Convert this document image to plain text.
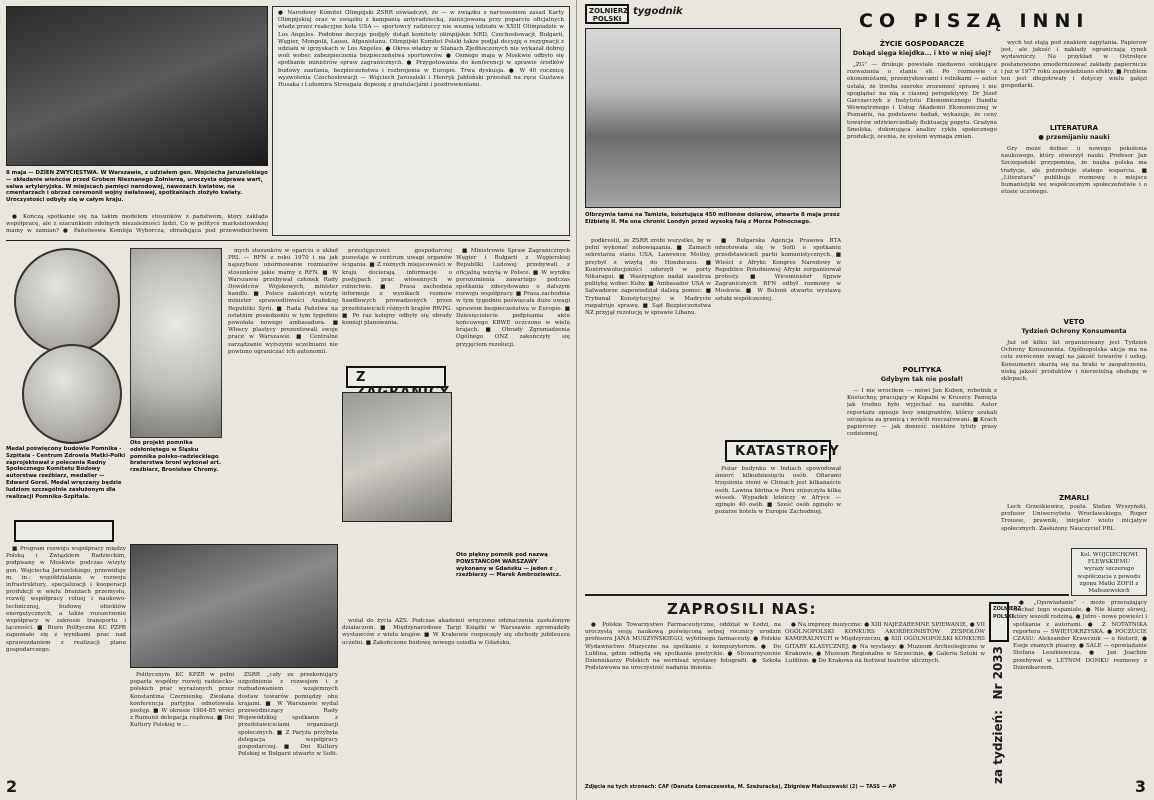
8 maja — DZIEŃ ZWYCIĘSTWA. W Warszawie, z udziałem gen. Wojciecha Jaruzelskiego — składanie wieńców przed Grobem Nieznanego Żołnierza, uroczysta odprawa wart, salwa artyleryjska. W miejscach pamięci narodowej, nawozach kwiatów, na cmentarzach i obrzeż ceremonii wojny światowej, spotkaniach złożyło kwiaty. Uroczystości odbyły się w całym kraju.

● Narodowy Komitet Olimpijski ZSRR oświadczył, że — w związku z naruszeniem zasad Karty Olimpijskiej oraz w związku z kampanią antyradziecką, zainicjowaną przy poparciu oficjalnych władz przez reakcyjne koła USA — sportowcy radzieccy nie wezmą udziału w XXIII Olimpiadzie w Los Angeles. Podobne decyzje podjęły dotąd komitety olimpijskie NRD, Czechosłowacji, Bułgarii, Węgier, Mongolii, Laosu, Afganistanu. Olimpijski Komitet Polski także podjął decyzję o rezygnacji z udziału w igrzyskach w Los Angeles. ● Okres władzy w Stanach Zjednoczonych nie wykazał dobrej woli wobec zabezpieczenia bezpieczeństwa sportowców. ● Osmego maja w Moskwie odbyło się spotkanie ministrów spraw zagranicznych. ● Przygotowania do konferencji w sprawie środków budowy zaufania, bezpieczeństwa i rozbrojenia w Europie. Trwa dyskusja. ● W 40 rocznicę wyzwolenia Czechosłowacji — Wojciech Jaruzelski i Henryk Jabłoński przesłali na ręce Gustawa Husaka i Lubomira Strougala depeszę z gratulacjami i pozdrowieniami.

● Kończą spotkanie się na takim modelem stosunków z państwem, który zakłada współpracę, ale z szacunkiem zdolnych niezależności ludzi. Co w polityce marksistowskiej mamy w zamian? ● Państwowa Komisja Wyborcza, obradująca pod przewodnictwem

Oto projekt pomnika odsłoniętego w Śląsku pomnika polsko-radzieckiego braterstwa broni wykonał art. rzeźbiarz, Bronisław Chromy.
Medal poświęcony budowie Pomnika - Szpitala - Centrum Zdrowia Matki-Polki zaprojektował z polecenia Radny Społecznego Komitetu Budowy autorstwa rzeźbiarz, medalier — Edward Gorol. Medal wręczany będzie ludziom szczególnie zasłużonym dla realizacji Pomnika-Szpitala.

mych stosunków w oparciu o układ PRL — RFN z roku 1970 i na jak najszybsze unormowanie rozmiarów stosunków jakie mamy z RFN. ■ W Warszawie przebywał członek Rady Dowódców Wojskowych, minister handlu. ■ Polsce zakończył wizytę minister sprawiedliwości Arabskiej Republiki Syrii. ■ Rada Państwa na ostatnim posiedzeniu w tym tygodniu powołała nowego ambasadora. ■ Włoscy plastycy prezentowali swoje prace w Warszawie. ■ Centralne zarządzanie wyższymi uczelniami nie powinno ograniczać ich autonomii.

przestępczości gospodarczej pozostaje w centrum uwagi organów ścigania. ■ Z różnych miejscowości w kraju docierają informacje o postępach prac wiosennych w rolnictwie. ■ Prasa zachodnia informuje o wynikach rozmów handlowych prowadzonych przez przedstawicieli różnych krajów RWPG. ■ Po raz kolejny odbyły się obrady komisji planowania.

Z

■ Ministrowie Spraw Zagranicznych Węgier i Bułgarii z Węgierskiej Republiki Ludowej przebywali z oficjalną wizytą w Polsce. ■ W wyniku porozumienia zawartego podczas spotkania zdecydowano o dalszym rozwoju współpracy. ■ Prasa zachodnia w tym tygodniu poświęcała dużo uwagi sprawom bezpieczeństwa w Europie. ■ Dziesięciolecie podpisania aktu końcowego KBWE uczczono w wielu krajach. ■ Obrady Zgromadzenia Ogólnego ONZ zakończyły się przyjęciem rezolucji.

Oto piękny pomnik pod nazwą POWSTAŃCOM WARSZAWY wykonany w Gdańsku — jeden z rzeźbiarzy — Marek Ambroziewicz.

■ Program rozwoju współpracy między Polską i Związkiem Radzieckim, podpisany w Moskwie podczas wizyty gen. Wojciecha Jaruzelskiego, przewiduje m. in.: współdziałanie w rozwoju infrastruktury, specjalizacji i kooperacji produkcji w wielu branżach przemysłu, rozwój współpracy rolnej i naukowo-technicznej, budowę obiektów energetycznych, a także rozszerzenie współpracy w zakresie transportu i łączności. ■ Biuro Polityczne KC PZPR zapoznało się z wynikami prac nad sprawozdaniem z realizacji planu gospodarczego.

Politycznym KC KPZR w pełni poparła wspólny rozwój radziecko-polskich prac wyrażonych przez Konstantina Czernienkę. Zwołana konferencja partyjna odnotowała postęp. ■ W okresie 1984-85 wróci z Rumunii delegacja rządowa. ■ Dni Kultury Polskiej w ...

ZSRR „cały ze przekonujący uzgodnienie z rozwojem i z rozbudowaniem wzajemnych dostaw towarów pomiędzy obu krajami. ■ W Warszawie wydal przewodniczący Rady Wojewódzkiej spotkanie z przedstawicielami organizacji społecznych. ■ Z Paryża przybyła delegacja współpracy gospodarczej. ■ Dni Kultury Polskiej w Bułgarii otwarto w Sofii.

wolał do życia AZS. Podczas akademii wręczono odznaczenia zasłużonym działaczom. ■ Międzynarodowe Targi Książki w Warszawie zgromadziły wystawców z wielu krajów. ■ W Krakowie rozpoczęły się obchody jubileuszu uczelni. ■ Zakończono budowę nowego osiedla w Gdańsku.

2
ZOLNIERZ POLSKI
tygodnik
Olbrzymia tama na Tamizie, kosztująca 450 milionów dolarów, otwarta 8 maja przez Elżbietę II. Ma ona chronić Londyn przed wysoką falą z Morza Północnego.

podkreślił, że ZSRR zrobi wszystko, by w pełni wykonać zobowiązania. ■ Zamach sekretarza stanu USA, Lawrence Motley, przybył z wizytą do Hondurasu. ■ Kontrrewolucjoniści uderzyli w porty Nikaragui. ■ Waszyngton nadal zaostrza politykę wobec Kuby. ■ Ambasador USA w Salwadorze zapowiedział dalszą pomoc. ■ Trybunał Konstytucyjny w Madrycie rozpatruje sprawę. ■ Sąd Bezpieczeństwa NZ przyjął rezolucję w sprawie Libanu.

■ Bułgarska Agencja Prasowa BTA odnotowała się w Sofii o spotkaniu przedstawicieli partii komunistycznych. ■ Wieści z Afryki: Kongres Narodowy w Republice Południowej Afryki zorganizował protesty. ■ Wiceminister Spraw Zagranicznych RFN odbył rozmowy w Moskwie. ■ W Bolonii otwarto wystawę sztuki współczesnej.

KATASTROFY

Pożar budynku w Indiach spowodował śmierć kilkudziesięciu osób. Ofiarami trzęsienia ziemi w Chinach jest kilkanaście osób. Lawina błotna w Peru zniszczyła kilka wiosek. Wypadek lotniczy w Afryce — zginęło 40 osób. ■ Sześć osób zginęło w pożarze hotelu w Europie Zachodniej.

CO PISZĄ INNI
ŻYCIE GOSPODARCZE
Dokąd sięga kiejdka... i kto w niej siej?

„ŻG” — drukuje powstałe niedawno szokujące rozważania o stanie sił. Po rozmowie z ekonomistami, przemysłowcami i rolnikami — autor ustala, że trzeba szeroko zrozumieć sprawę i nie spoglądać na nią z ciasnej perspektywy. Dr Józef Garczarczyk z Instytutu Ekonomicznego Handlu Wewnętrznego i Usług Akademii Ekonomicznej w Poznaniu, na podstawie badań, wykazuje, że ceny towarów odzwierciedlały fluktuację popytu. Grażyna Smolska, dokonująca analizy cyklu społecznego produkcji, ocenia, że system wymaga zmian.

POLITYKA
Gdybym tak nie posłał!

— I nie wróciłem — mówi Jan Kuboń, robotnik z Kostuchny, pracujący w Kopalni w Kruszcy. Pamięta jak trudno było wyjechać na zarobki. Autor reportażu opisuje losy emigrantów, którzy szukali szczęścia za granicą i wrócili rozczarowani. ■ Krach papierowy — jak donieść niektóre tytuły prasy codziennej.

wych też stają pod znakiem zapytania. Papierow jest, ale jakość i nakłady ograniczają rynek wydawniczy. Na przykład w Ostrołęce postanowiono zmodernizować zakłady papiernicze i już w 1977 roku zapowiedziano efekty. ■ Problem ten jest długotrwały i dotyczy wielu gałęzi gospodarki.

LITERATURA
● przemijaniu nauki

Gry może dobiec u nowego pokolenia naukowego, który otworzył nauki. Profesor Jan Szczepański przypomina, że nauka polska ma tradycje, ale potrzebuje stałego wsparcia. ■ „Literatura” publikuje rozmowę o miejscu humanistyki we współczesnym społeczeństwie i o etosie uczonego.

VETO
Tydzień Ochrony Konsumenta

Już od kilku lat organizowany jest Tydzień Ochrony Konsumenta. Ogólnopolska akcja ma na celu zwrócenie uwagi na jakość towarów i usług. Konsumenci skarżą się na braki w zaopatrzeniu, niską jakość produktów i nierzetelną obsługę w sklepach.

ZMARLI

Lech Grześkiewicz, poeta. Stefan Wyszyński, profesor Uniwersytetu Wrocławskiego. Roger Trousse, prawnik, inicjator wielu inicjatyw społecznych. Zasłużony Nauczyciel PRL.

Kol. WOJCIECHOWI FLEWSKIEMU wyrazy szczerego współczucia z powodu zgonu Matki ZOFII z Maliszewskich

ZAPROSILI NAS:

● Polskie Towarzystwo Farmaceutyczne, oddział w Łodzi, na uroczystą sesję naukową poświęconą setnej rocznicy urodzin profesora JANA MUSZYŃSKIEGO, wybitnego farmaceuty. ● Polskie Wydawnictwo Muzyczne na spotkanie z kompozytorem. ● Do Lublina, gdzie odbędą się spotkania poetyckie. ● Stowarzyszenie Dziennikarzy Polskich na wernisaż wystawy fotografii. ● Szkoła Podstawowa na uroczystość nadania imienia.

● Na imprezy muzyczne: ● XIII NAJEZAREMNE ŚPIEWANIE, ● VII OGÓLNOPOLSKI KONKURS AKORDEONISTÓW ZESPOŁÓW KAMERALNYCH w Międzyrzeczu, ● XIII OGÓLNOPOLSKI KONKURS GITARY KLASYCZNEJ. ● Na wystawy: ● Muzeum Archeologiczne w Krakowie, ● Muzeum Regionalne w Szczecinie, ● Galeria Sztuki w Lublinie. ● Do Krakowa na festiwal teatrów ulicznych.

ZOLNIERZ POLSKI
Nr 2033
za tydzień:

● „Opowiadanie” - może przerażający słuchać tego wspaniale. ● Nie kłamy slowej, który wszedł rodziną. ● Jutro - nowe powieści i spotkania z autorami. ● Z NOTATNIKA reportera — ŚWIĘTOKRZYSKA. ● POCZUCIE CZASU: Aleksander Krawczuk — o historii, ● Eseje znanych pisarzy. ● SALE — opowiadanie Stefana Leszkiewicza. ● Jan Joachim przebywał w LETNIM DOMKU rozmowy z Dzienikarzem.

Zdjęcia na tych stronach: CAF (Danuta Łomaczewska, M. Szeżuracka), Zbigniew Matuszewski (2) — TASS — AP	3
